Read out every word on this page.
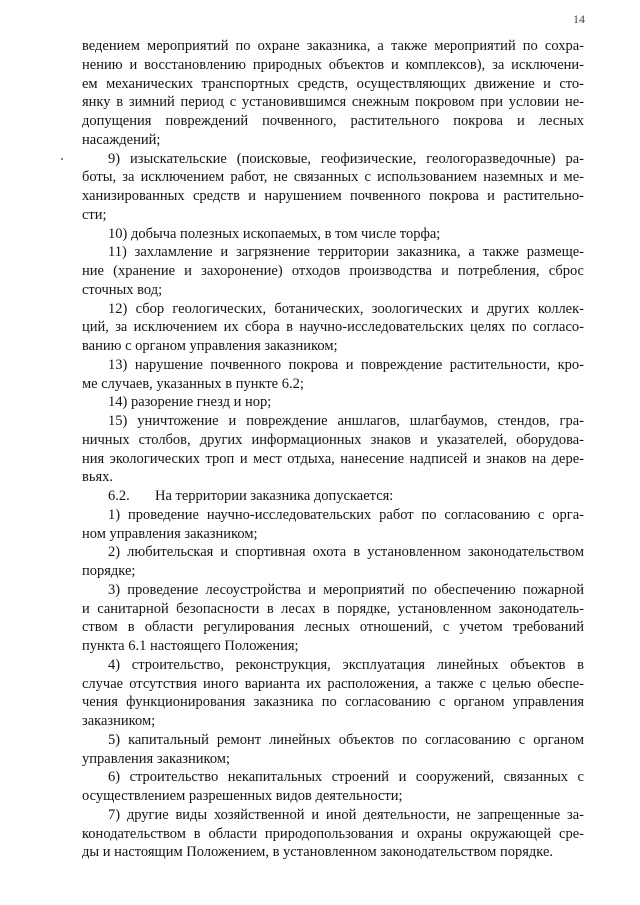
14
ведением мероприятий по охране заказника, а также мероприятий по сохра-
нению и восстановлению природных объектов и комплексов), за исключени-
ем механических транспортных средств, осуществляющих движение и сто-
янку в зимний период с установившимся снежным покровом при условии не-
допущения повреждений почвенного, растительного покрова и лесных
насаждений;
9) изыскательские (поисковые, геофизические, геологоразведочные) ра-
боты, за исключением работ, не связанных с использованием наземных и ме-
ханизированных средств и нарушением почвенного покрова и растительно-
сти;
10) добыча полезных ископаемых, в том числе торфа;
11) захламление и загрязнение территории заказника, а также размеще-
ние (хранение и захоронение) отходов производства и потребления, сброс
сточных вод;
12) сбор геологических, ботанических, зоологических и других коллек-
ций, за исключением их сбора в научно-исследовательских целях по согласо-
ванию с органом управления заказником;
13) нарушение почвенного покрова и повреждение растительности, кро-
ме случаев, указанных в пункте 6.2;
14) разорение гнезд и нор;
15) уничтожение и повреждение аншлагов, шлагбаумов, стендов, гра-
ничных столбов, других информационных знаков и указателей, оборудова-
ния экологических троп и мест отдыха, нанесение надписей и знаков на дере-
вьях.
6.2. На территории заказника допускается:
1) проведение научно-исследовательских работ по согласованию с орга-
ном управления заказником;
2) любительская и спортивная охота в установленном законодательством
порядке;
3) проведение лесоустройства и мероприятий по обеспечению пожарной
и санитарной безопасности в лесах в порядке, установленном законодатель-
ством в области регулирования лесных отношений, с учетом требований
пункта 6.1 настоящего Положения;
4) строительство, реконструкция, эксплуатация линейных объектов в
случае отсутствия иного варианта их расположения, а также с целью обеспе-
чения функционирования заказника по согласованию с органом управления
заказником;
5) капитальный ремонт линейных объектов по согласованию с органом
управления заказником;
6) строительство некапитальных строений и сооружений, связанных с
осуществлением разрешенных видов деятельности;
7) другие виды хозяйственной и иной деятельности, не запрещенные за-
конодательством в области природопользования и охраны окружающей сре-
ды и настоящим Положением, в установленном законодательством порядке.
